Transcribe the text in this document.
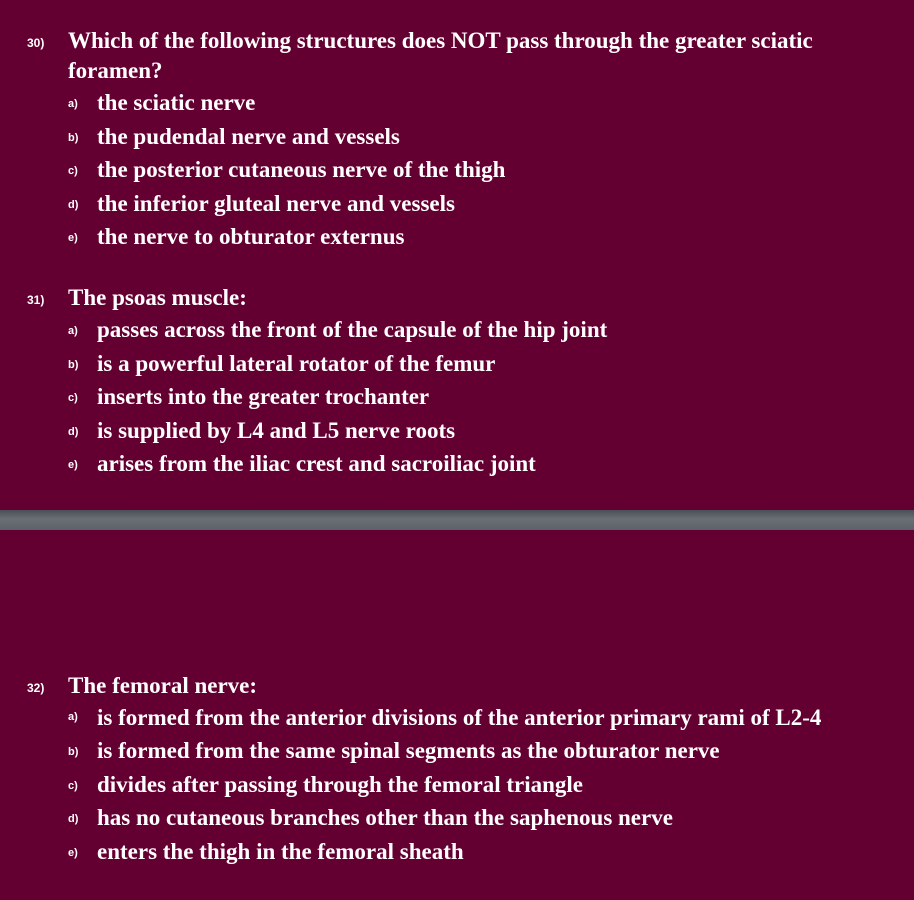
30) Which of the following structures does NOT pass through the greater sciatic foramen?
a) the sciatic nerve
b) the pudendal nerve and vessels
c) the posterior cutaneous nerve of the thigh
d) the inferior gluteal nerve and vessels
e) the nerve to obturator externus
31) The psoas muscle:
a) passes across the front of the capsule of the hip joint
b) is a powerful lateral rotator of the femur
c) inserts into the greater trochanter
d) is supplied by L4 and L5 nerve roots
e) arises from the iliac crest and sacroiliac joint
32) The femoral nerve:
a) is formed from the anterior divisions of the anterior primary rami of L2-4
b) is formed from the same spinal segments as the obturator nerve
c) divides after passing through the femoral triangle
d) has no cutaneous branches other than the saphenous nerve
e) enters the thigh in the femoral sheath
